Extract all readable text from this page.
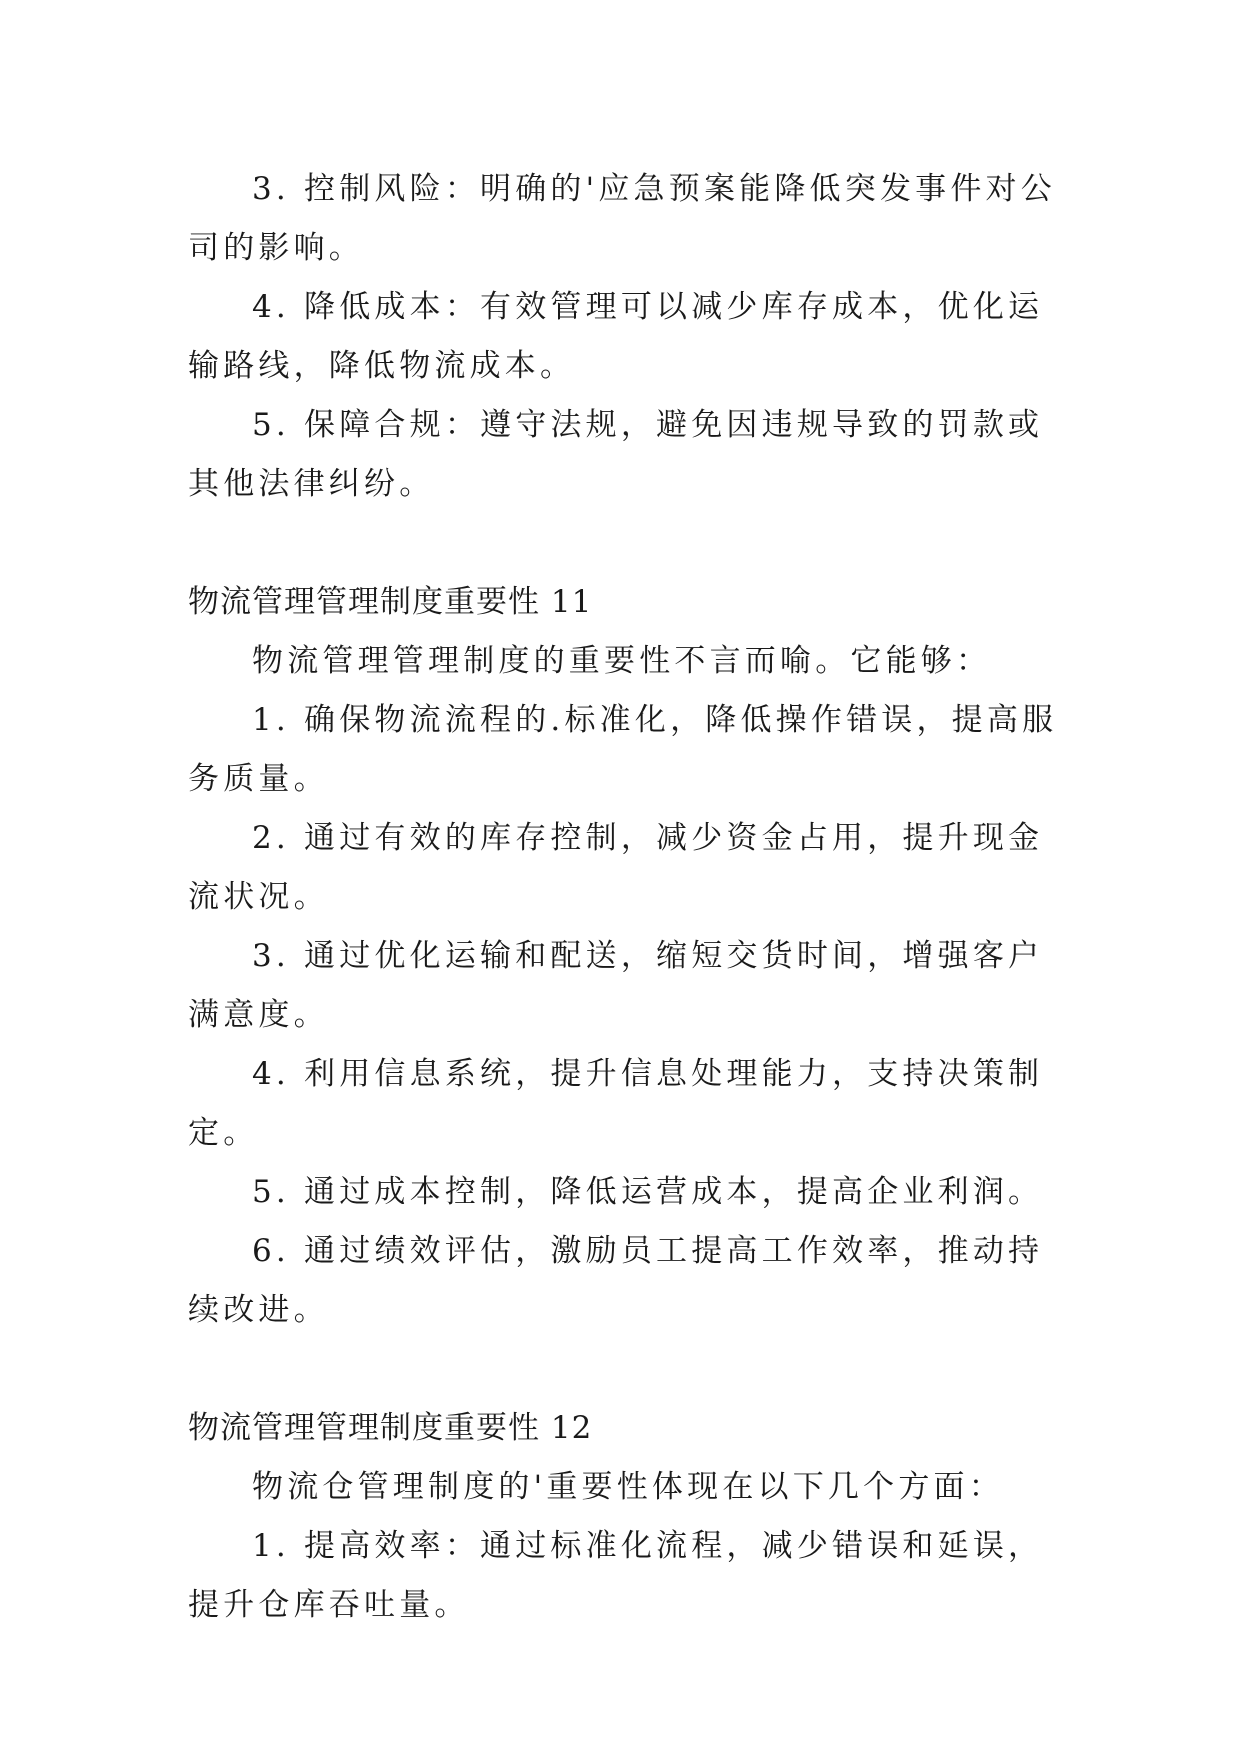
3. 控制风险：明确的'应急预案能降低突发事件对公司的影响。

4. 降低成本：有效管理可以减少库存成本，优化运输路线，降低物流成本。

5. 保障合规：遵守法规，避免因违规导致的罚款或其他法律纠纷。

物流管理管理制度重要性 11

物流管理管理制度的重要性不言而喻。它能够：

1. 确保物流流程的.标准化，降低操作错误，提高服务质量。

2. 通过有效的库存控制，减少资金占用，提升现金流状况。

3. 通过优化运输和配送，缩短交货时间，增强客户满意度。

4. 利用信息系统，提升信息处理能力，支持决策制定。

5. 通过成本控制，降低运营成本，提高企业利润。

6. 通过绩效评估，激励员工提高工作效率，推动持续改进。

物流管理管理制度重要性 12

物流仓管理制度的'重要性体现在以下几个方面：

1. 提高效率：通过标准化流程，减少错误和延误，提升仓库吞吐量。
